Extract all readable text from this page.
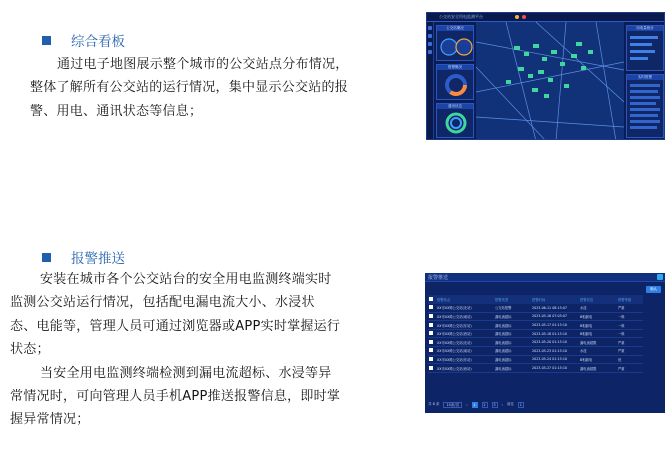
综合看板

通过电子地图展示整个城市的公交站点分布情况，

整体了解所有公交站的运行情况，集中显示公交站的报

警、用电、通讯状态等信息；

公交站安全用电监测平台
公交站概况
报警概况
通讯状态
用电量统计
实时报警
报警推送

安装在城市各个公交站台的安全用电监测终端实时

监测公交站运行情况，包括配电漏电流大小、水浸状

态、电能等，管理人员可通过浏览器或APP实时掌握运行

状态；

当安全用电监测终端检测到漏电流超标、水浸等异

常情况时，可向管理人员手机APP推送报警信息，即时掌

握异常情况；

报警推送
确认
	报警站点	报警类型	报警时间	报警信息	报警等级
	XX市XX路公交站(北站)	公交站报警	2023-06-11 08:15:07	水浸	严重
	XX市XX路公交站(南站)	漏电流超标	2023-05-16 07:05:07	B相漏电	一般
	XX市XX路公交站(东站)	漏电流超标	2023-05-17 01:15:10	B相漏电	一般
	XX市XX路公交站(西站)	漏电流超标	2023-05-18 01:15:10	B相漏电	一般
	XX市XX路公交站(北站)	漏电流超标	2023-05-20 01:15:10	漏电流超限	严重
	XX市XX路公交站(南站)	漏电流超标	2023-05-23 01:15:10	水浸	严重
	XX市XX路公交站(东站)	漏电流超标	2023-05-24 01:15:10	B相漏电	低
	XX市XX路公交站(西站)	漏电流超标	2023-05-27 01:15:10	漏电流超限	严重
共 8 条	10条/页	‹	1	2	3	› 前往	1
